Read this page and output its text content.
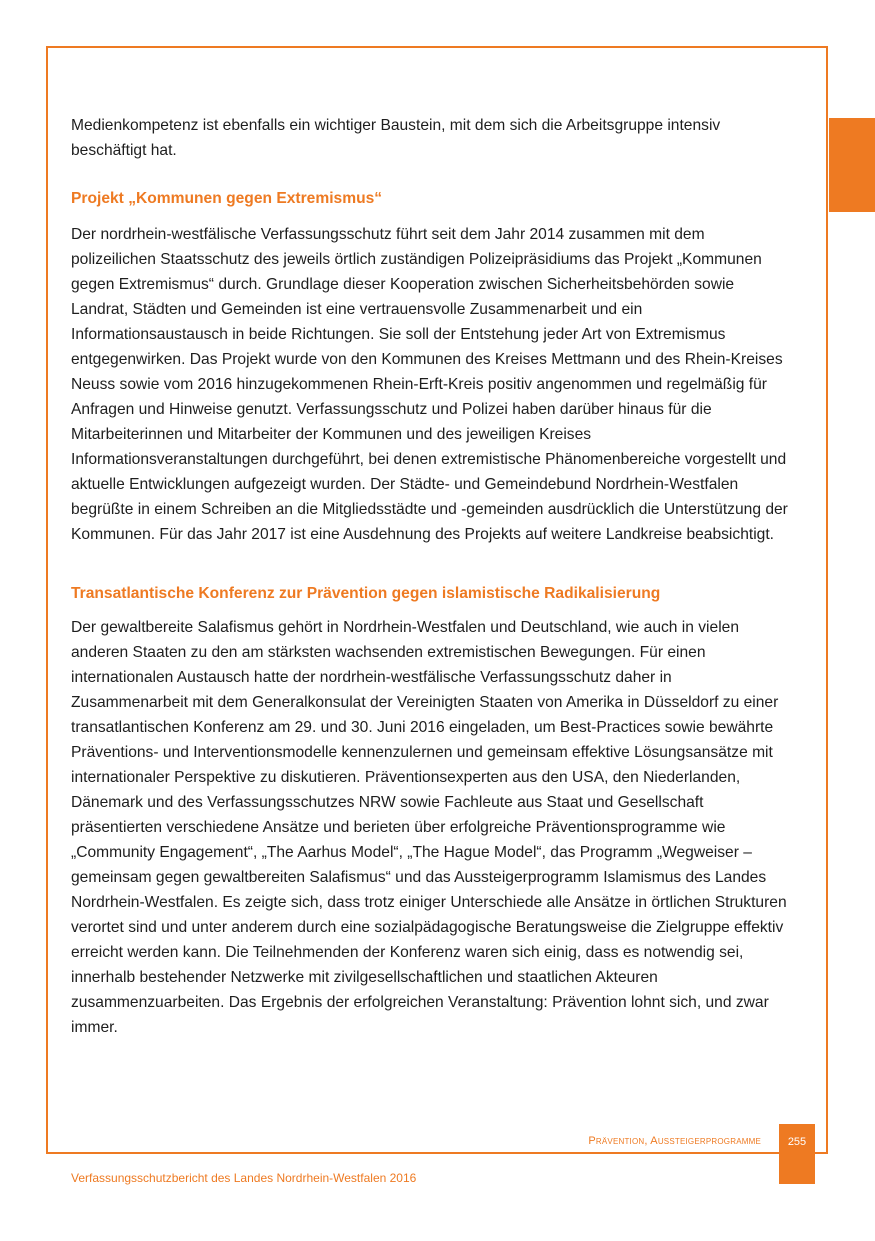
Medienkompetenz ist ebenfalls ein wichtiger Baustein, mit dem sich die Arbeitsgruppe intensiv beschäftigt hat.

Projekt „Kommunen gegen Extremismus“

Der nordrhein-westfälische Verfassungsschutz führt seit dem Jahr 2014 zusammen mit dem polizeilichen Staatsschutz des jeweils örtlich zuständigen Polizeipräsidiums das Projekt „Kommunen gegen Extremismus“ durch. Grundlage dieser Kooperation zwischen Sicherheitsbehörden sowie Landrat, Städten und Gemeinden ist eine vertrauensvolle Zusammenarbeit und ein Informationsaustausch in beide Richtungen. Sie soll der Entstehung jeder Art von Extremismus entgegenwirken. Das Projekt wurde von den Kommunen des Kreises Mettmann und des Rhein-Kreises Neuss sowie vom 2016 hinzugekommenen Rhein-Erft-Kreis positiv angenommen und regelmäßig für Anfragen und Hinweise genutzt. Verfassungsschutz und Polizei haben darüber hinaus für die Mitarbeiterinnen und Mitarbeiter der Kommunen und des jeweiligen Kreises Informationsveranstaltungen durchgeführt, bei denen extremistische Phänomenbereiche vorgestellt und aktuelle Entwicklungen aufgezeigt wurden. Der Städte- und Gemeindebund Nordrhein-Westfalen begrüßte in einem Schreiben an die Mitgliedsstädte und -gemeinden ausdrücklich die Unterstützung der Kommunen. Für das Jahr 2017 ist eine Ausdehnung des Projekts auf weitere Landkreise beabsichtigt.

Transatlantische Konferenz zur Prävention gegen islamistische Radikalisierung

Der gewaltbereite Salafismus gehört in Nordrhein-Westfalen und Deutschland, wie auch in vielen anderen Staaten zu den am stärksten wachsenden extremistischen Bewegungen. Für einen internationalen Austausch hatte der nordrhein-westfälische Verfassungsschutz daher in Zusammenarbeit mit dem Generalkonsulat der Vereinigten Staaten von Amerika in Düsseldorf zu einer transatlantischen Konferenz am 29. und 30. Juni 2016 eingeladen, um Best-Practices sowie bewährte Präventions- und Interventionsmodelle kennenzulernen und gemeinsam effektive Lösungsansätze mit internationaler Perspektive zu diskutieren. Präventionsexperten aus den USA, den Niederlanden, Dänemark und des Verfassungsschutzes NRW sowie Fachleute aus Staat und Gesellschaft präsentierten verschiedene Ansätze und berieten über erfolgreiche Präventionsprogramme wie „Community Engagement“, „The Aarhus Model“, „The Hague Model“, das Programm „Wegweiser – gemeinsam gegen gewaltbereiten Salafismus“ und das Aussteigerprogramm Islamismus des Landes Nordrhein-Westfalen. Es zeigte sich, dass trotz einiger Unterschiede alle Ansätze in örtlichen Strukturen verortet sind und unter anderem durch eine sozialpädagogische Beratungsweise die Zielgruppe effektiv erreicht werden kann. Die Teilnehmenden der Konferenz waren sich einig, dass es notwendig sei, innerhalb bestehender Netzwerke mit zivilgesellschaftlichen und staatlichen Akteuren zusammenzuarbeiten. Das Ergebnis der erfolgreichen Veranstaltung: Prävention lohnt sich, und zwar immer.

Prävention, Aussteigerprogramme	255
Verfassungsschutzbericht des Landes Nordrhein-Westfalen 2016
